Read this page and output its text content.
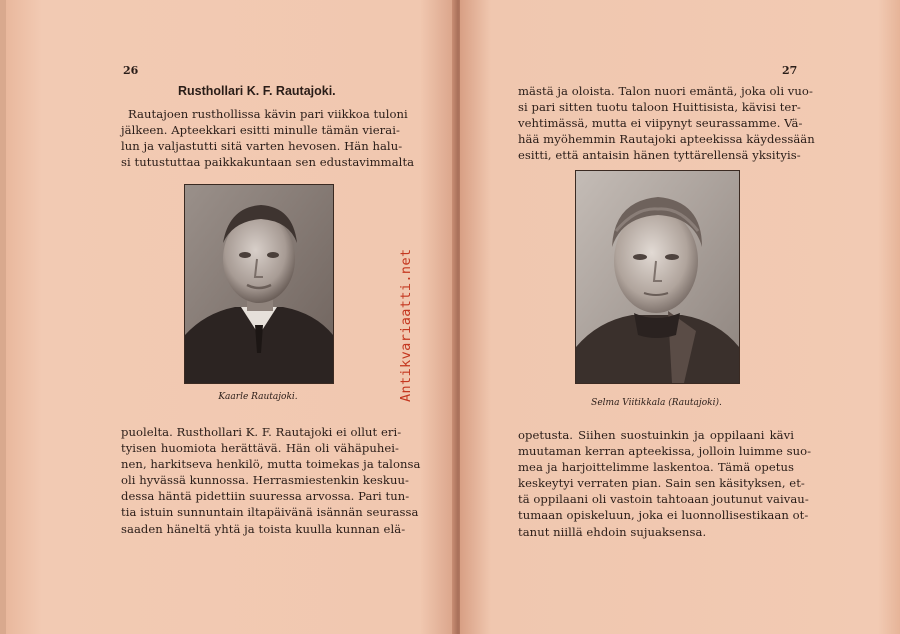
26
Rusthollari K. F. Rautajoki.
Rautajoen rusthollissa kävin pari viikkoa tuloni
jälkeen. Apteekkari esitti minulle tämän vierai-
lun ja valjastutti sitä varten hevosen. Hän halu-
si tutustuttaa paikkakuntaan sen edustavimmalta
Kaarle Rautajoki.
puolelta. Rusthollari K. F. Rautajoki ei ollut eri-
tyisen huomiota herättävä. Hän oli vähäpuhei-
nen, harkitseva henkilö, mutta toimekas ja talonsa
oli hyvässä kunnossa. Herrasmiestenkin keskuu-
dessa häntä pidettiin suuressa arvossa. Pari tun-
tia istuin sunnuntain iltapäivänä isännän seurassa
saaden häneltä yhtä ja toista kuulla kunnan elä-
27
mästä ja oloista. Talon nuori emäntä, joka oli vuo-
si pari sitten tuotu taloon Huittisista, kävisi ter-
vehtimässä, mutta ei viipynyt seurassamme. Vä-
hää myöhemmin Rautajoki apteekissa käydessään
esitti, että antaisin hänen tyttärellensä yksityis-
Selma Viitikkala (Rautajoki).
opetusta. Siihen suostuinkin ja oppilaani kävi
muutaman kerran apteekissa, jolloin luimme suo-
mea ja harjoittelimme laskentoa. Tämä opetus
keskeytyi verraten pian. Sain sen käsityksen, et-
tä oppilaani oli vastoin tahtoaan joutunut vaivau-
tumaan opiskeluun, joka ei luonnollisestikaan ot-
tanut niillä ehdoin sujuaksensa.
Antikvariaatti.net
